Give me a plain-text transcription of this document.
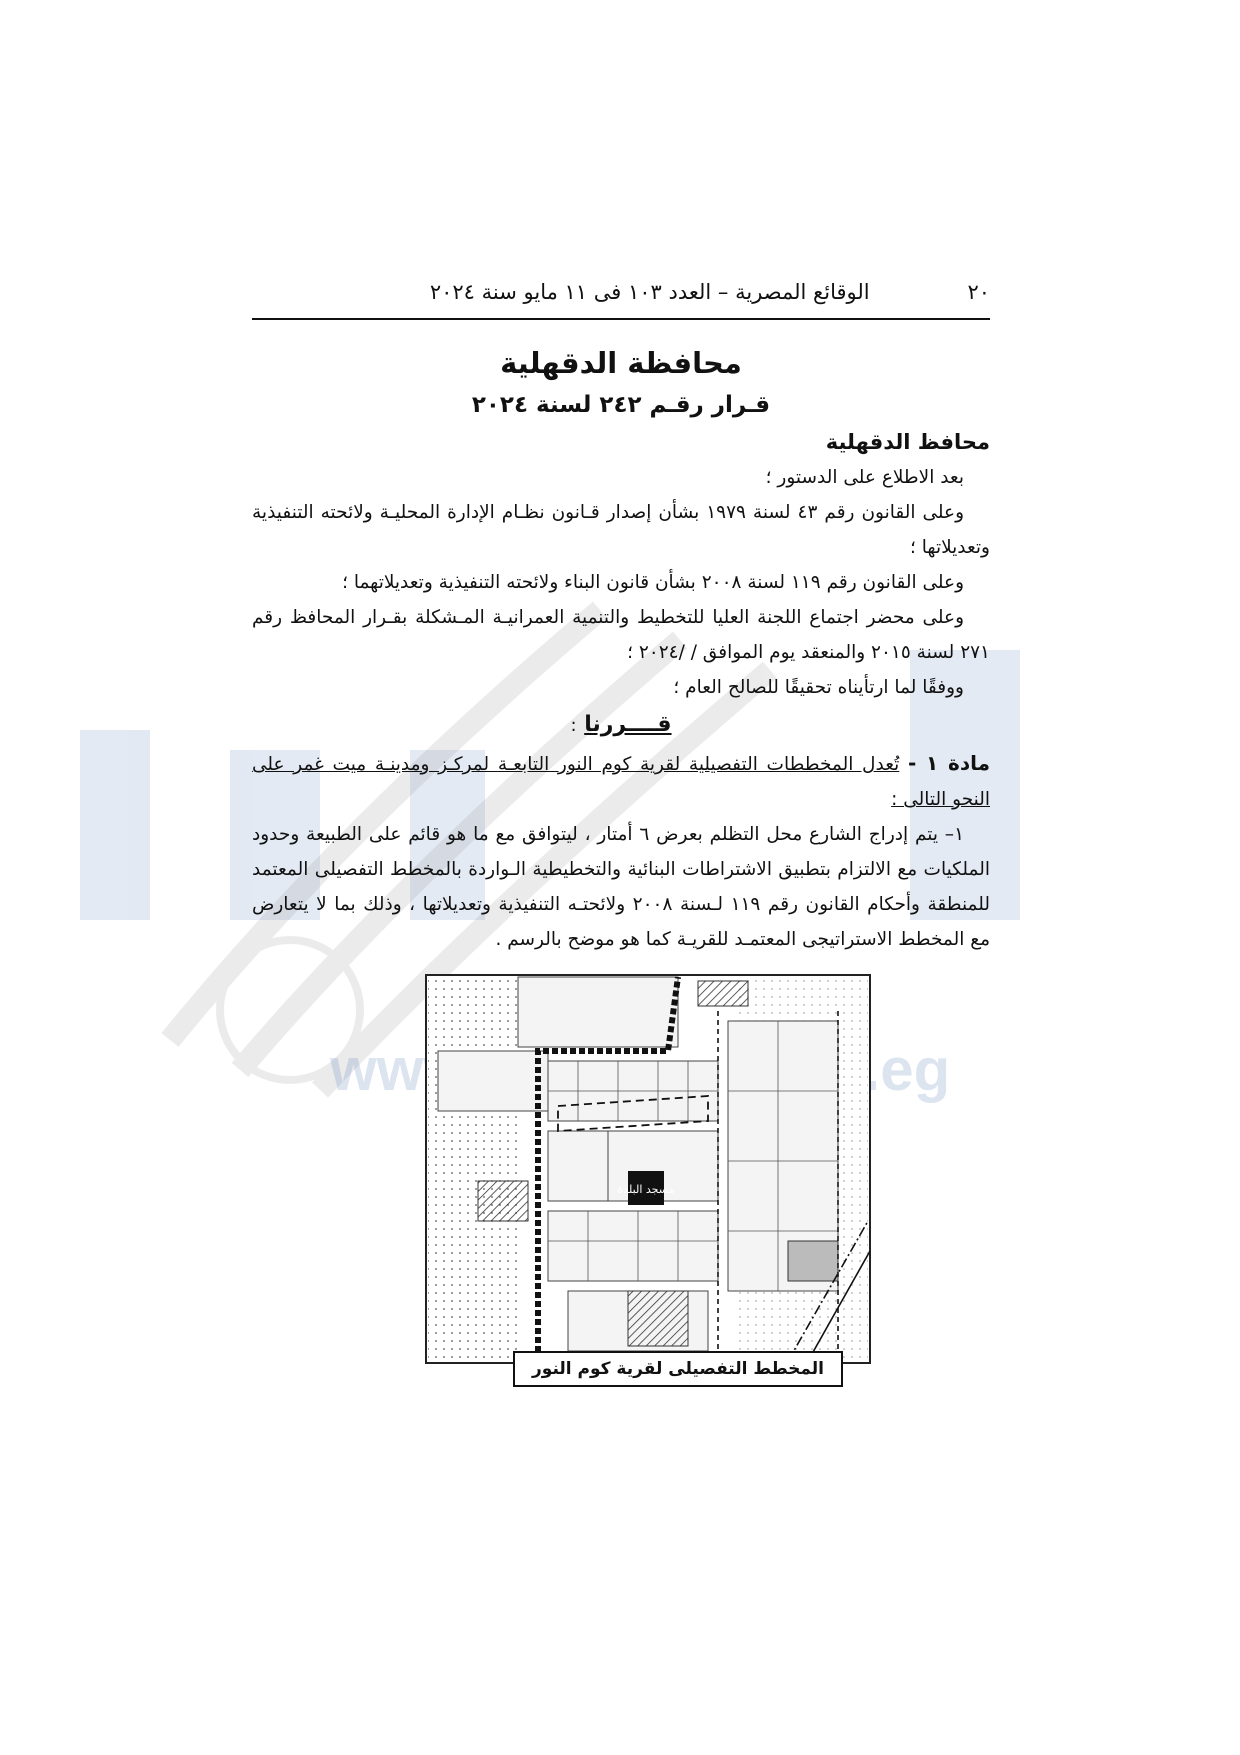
٢٠
الوقائع المصرية – العدد ١٠٣ فى ١١ مايو سنة ٢٠٢٤
محافظة الدقهلية
قـرار رقـم ٢٤٢ لسنة ٢٠٢٤
محافظ الدقهلية

بعد الاطلاع على الدستور ؛

وعلى القانون رقم ٤٣ لسنة ١٩٧٩ بشأن إصدار قـانون نظـام الإدارة المحليـة ولائحته التنفيذية وتعديلاتها ؛

وعلى القانون رقم ١١٩ لسنة ٢٠٠٨ بشأن قانون البناء ولائحته التنفيذية وتعديلاتهما ؛

وعلى محضر اجتماع اللجنة العليا للتخطيط والتنمية العمرانيـة المـشكلة بقـرار المحافظ رقم ٢٧١ لسنة ٢٠١٥ والمنعقد يوم الموافق / /٢٠٢٤ ؛

ووفقًا لما ارتأيناه تحقيقًا للصالح العام ؛

قــــررنا :

مادة ١ - تُعدل المخططات التفصيلية لقرية كوم النور التابعـة لمركـز ومدينـة ميت غمر على النحو التالى :

١– يتم إدراج الشارع محل التظلم بعرض ٦ أمتار ، ليتوافق مع ما هو قائم على الطبيعة وحدود الملكيات مع الالتزام بتطبيق الاشتراطات البنائية والتخطيطية الـواردة بالمخطط التفصيلى المعتمد للمنطقة وأحكام القانون رقم ١١٩ لـسنة ٢٠٠٨ ولائحتـه التنفيذية وتعديلاتها ، وذلك بما لا يتعارض مع المخطط الاستراتيجى المعتمـد للقريـة كما هو موضح بالرسم .

مسجد البلدة
المخطط التفصيلى لقرية كوم النور
